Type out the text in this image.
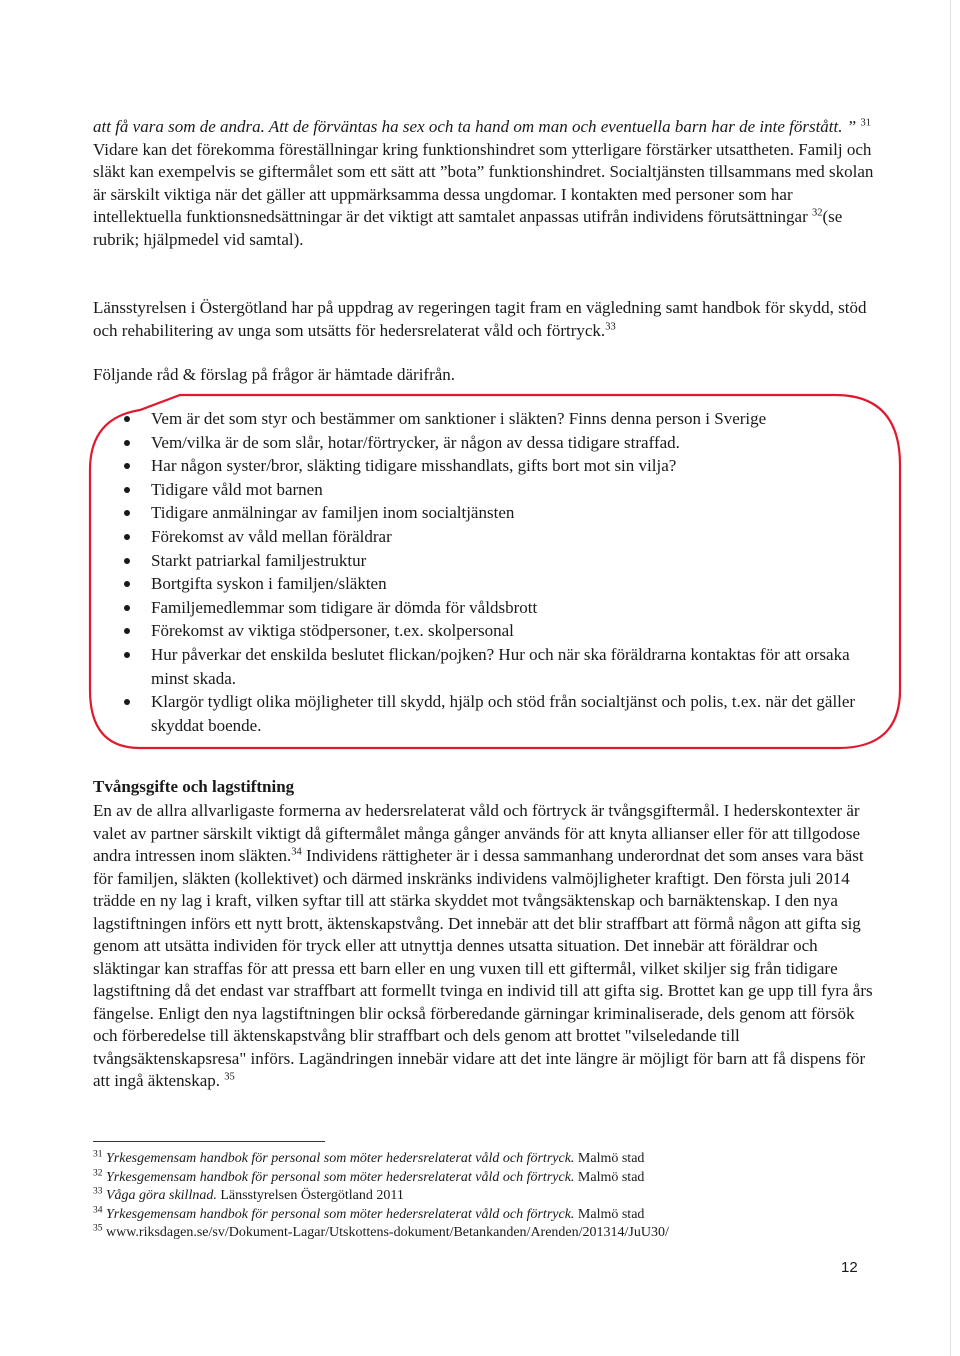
att få vara som de andra. Att de förväntas ha sex och ta hand om man och eventuella barn har de inte förstått. ” $^{31}$ Vidare kan det förekomma föreställningar kring funktionshindret som ytterligare förstärker utsattheten. Familj och släkt kan exempelvis se giftermålet som ett sätt att ”bota” funktionshindret. Socialtjänsten tillsammans med skolan är särskilt viktiga när det gäller att uppmärksamma dessa ungdomar. I kontakten med personer som har intellektuella funktionsnedsättningar är det viktigt att samtalet anpassas utifrån individens förutsättningar $^{32}$(se rubrik; hjälpmedel vid samtal).

Länsstyrelsen i Östergötland har på uppdrag av regeringen tagit fram en vägledning samt handbok för skydd, stöd och rehabilitering av unga som utsätts för hedersrelaterat våld och förtryck.$^{33}$

Följande råd & förslag på frågor är hämtade därifrån.

Vem är det som styr och bestämmer om sanktioner i släkten? Finns denna person i Sverige
Vem/vilka är de som slår, hotar/förtrycker, är någon av dessa tidigare straffad.
Har någon syster/bror, släkting tidigare misshandlats, gifts bort mot sin vilja?
Tidigare våld mot barnen
Tidigare anmälningar av familjen inom socialtjänsten
Förekomst av våld mellan föräldrar
Starkt patriarkal familjestruktur
Bortgifta syskon i familjen/släkten
Familjemedlemmar som tidigare är dömda för våldsbrott
Förekomst av viktiga stödpersoner, t.ex. skolpersonal
Hur påverkar det enskilda beslutet flickan/pojken? Hur och när ska föräldrarna kontaktas för att orsaka minst skada.
Klargör tydligt olika möjligheter till skydd, hjälp och stöd från socialtjänst och polis, t.ex. när det gäller skyddat boende.
Tvångsgifte och lagstiftning

En av de allra allvarligaste formerna av hedersrelaterat våld och förtryck är tvångsgiftermål. I hederskontexter är valet av partner särskilt viktigt då giftermålet många gånger används för att knyta allianser eller för att tillgodose andra intressen inom släkten.$^{34}$ Individens rättigheter är i dessa sammanhang underordnat det som anses vara bäst för familjen, släkten (kollektivet) och därmed inskränks individens valmöjligheter kraftigt. Den första juli 2014 trädde en ny lag i kraft, vilken syftar till att stärka skyddet mot tvångsäktenskap och barnäktenskap. I den nya lagstiftningen införs ett nytt brott, äktenskapstvång. Det innebär att det blir straffbart att förmå någon att gifta sig genom att utsätta individen för tryck eller att utnyttja dennes utsatta situation. Det innebär att föräldrar och släktingar kan straffas för att pressa ett barn eller en ung vuxen till ett giftermål, vilket skiljer sig från tidigare lagstiftning då det endast var straffbart att formellt tvinga en individ till att gifta sig. Brottet kan ge upp till fyra års fängelse. Enligt den nya lagstiftningen blir också förberedande gärningar kriminaliserade, dels genom att försök och förberedelse till äktenskapstvång blir straffbart och dels genom att brottet "vilseledande till tvångsäktenskapsresa" införs. Lagändringen innebär vidare att det inte längre är möjligt för barn att få dispens för att ingå äktenskap. $^{35}$

$^{31}$ Yrkesgemensam handbok för personal som möter hedersrelaterat våld och förtryck. Malmö stad
$^{32}$ Yrkesgemensam handbok för personal som möter hedersrelaterat våld och förtryck. Malmö stad
$^{33}$ Våga göra skillnad. Länsstyrelsen Östergötland 2011
$^{34}$ Yrkesgemensam handbok för personal som möter hedersrelaterat våld och förtryck. Malmö stad
$^{35}$ www.riksdagen.se/sv/Dokument-Lagar/Utskottens-dokument/Betankanden/Arenden/201314/JuU30/
12
